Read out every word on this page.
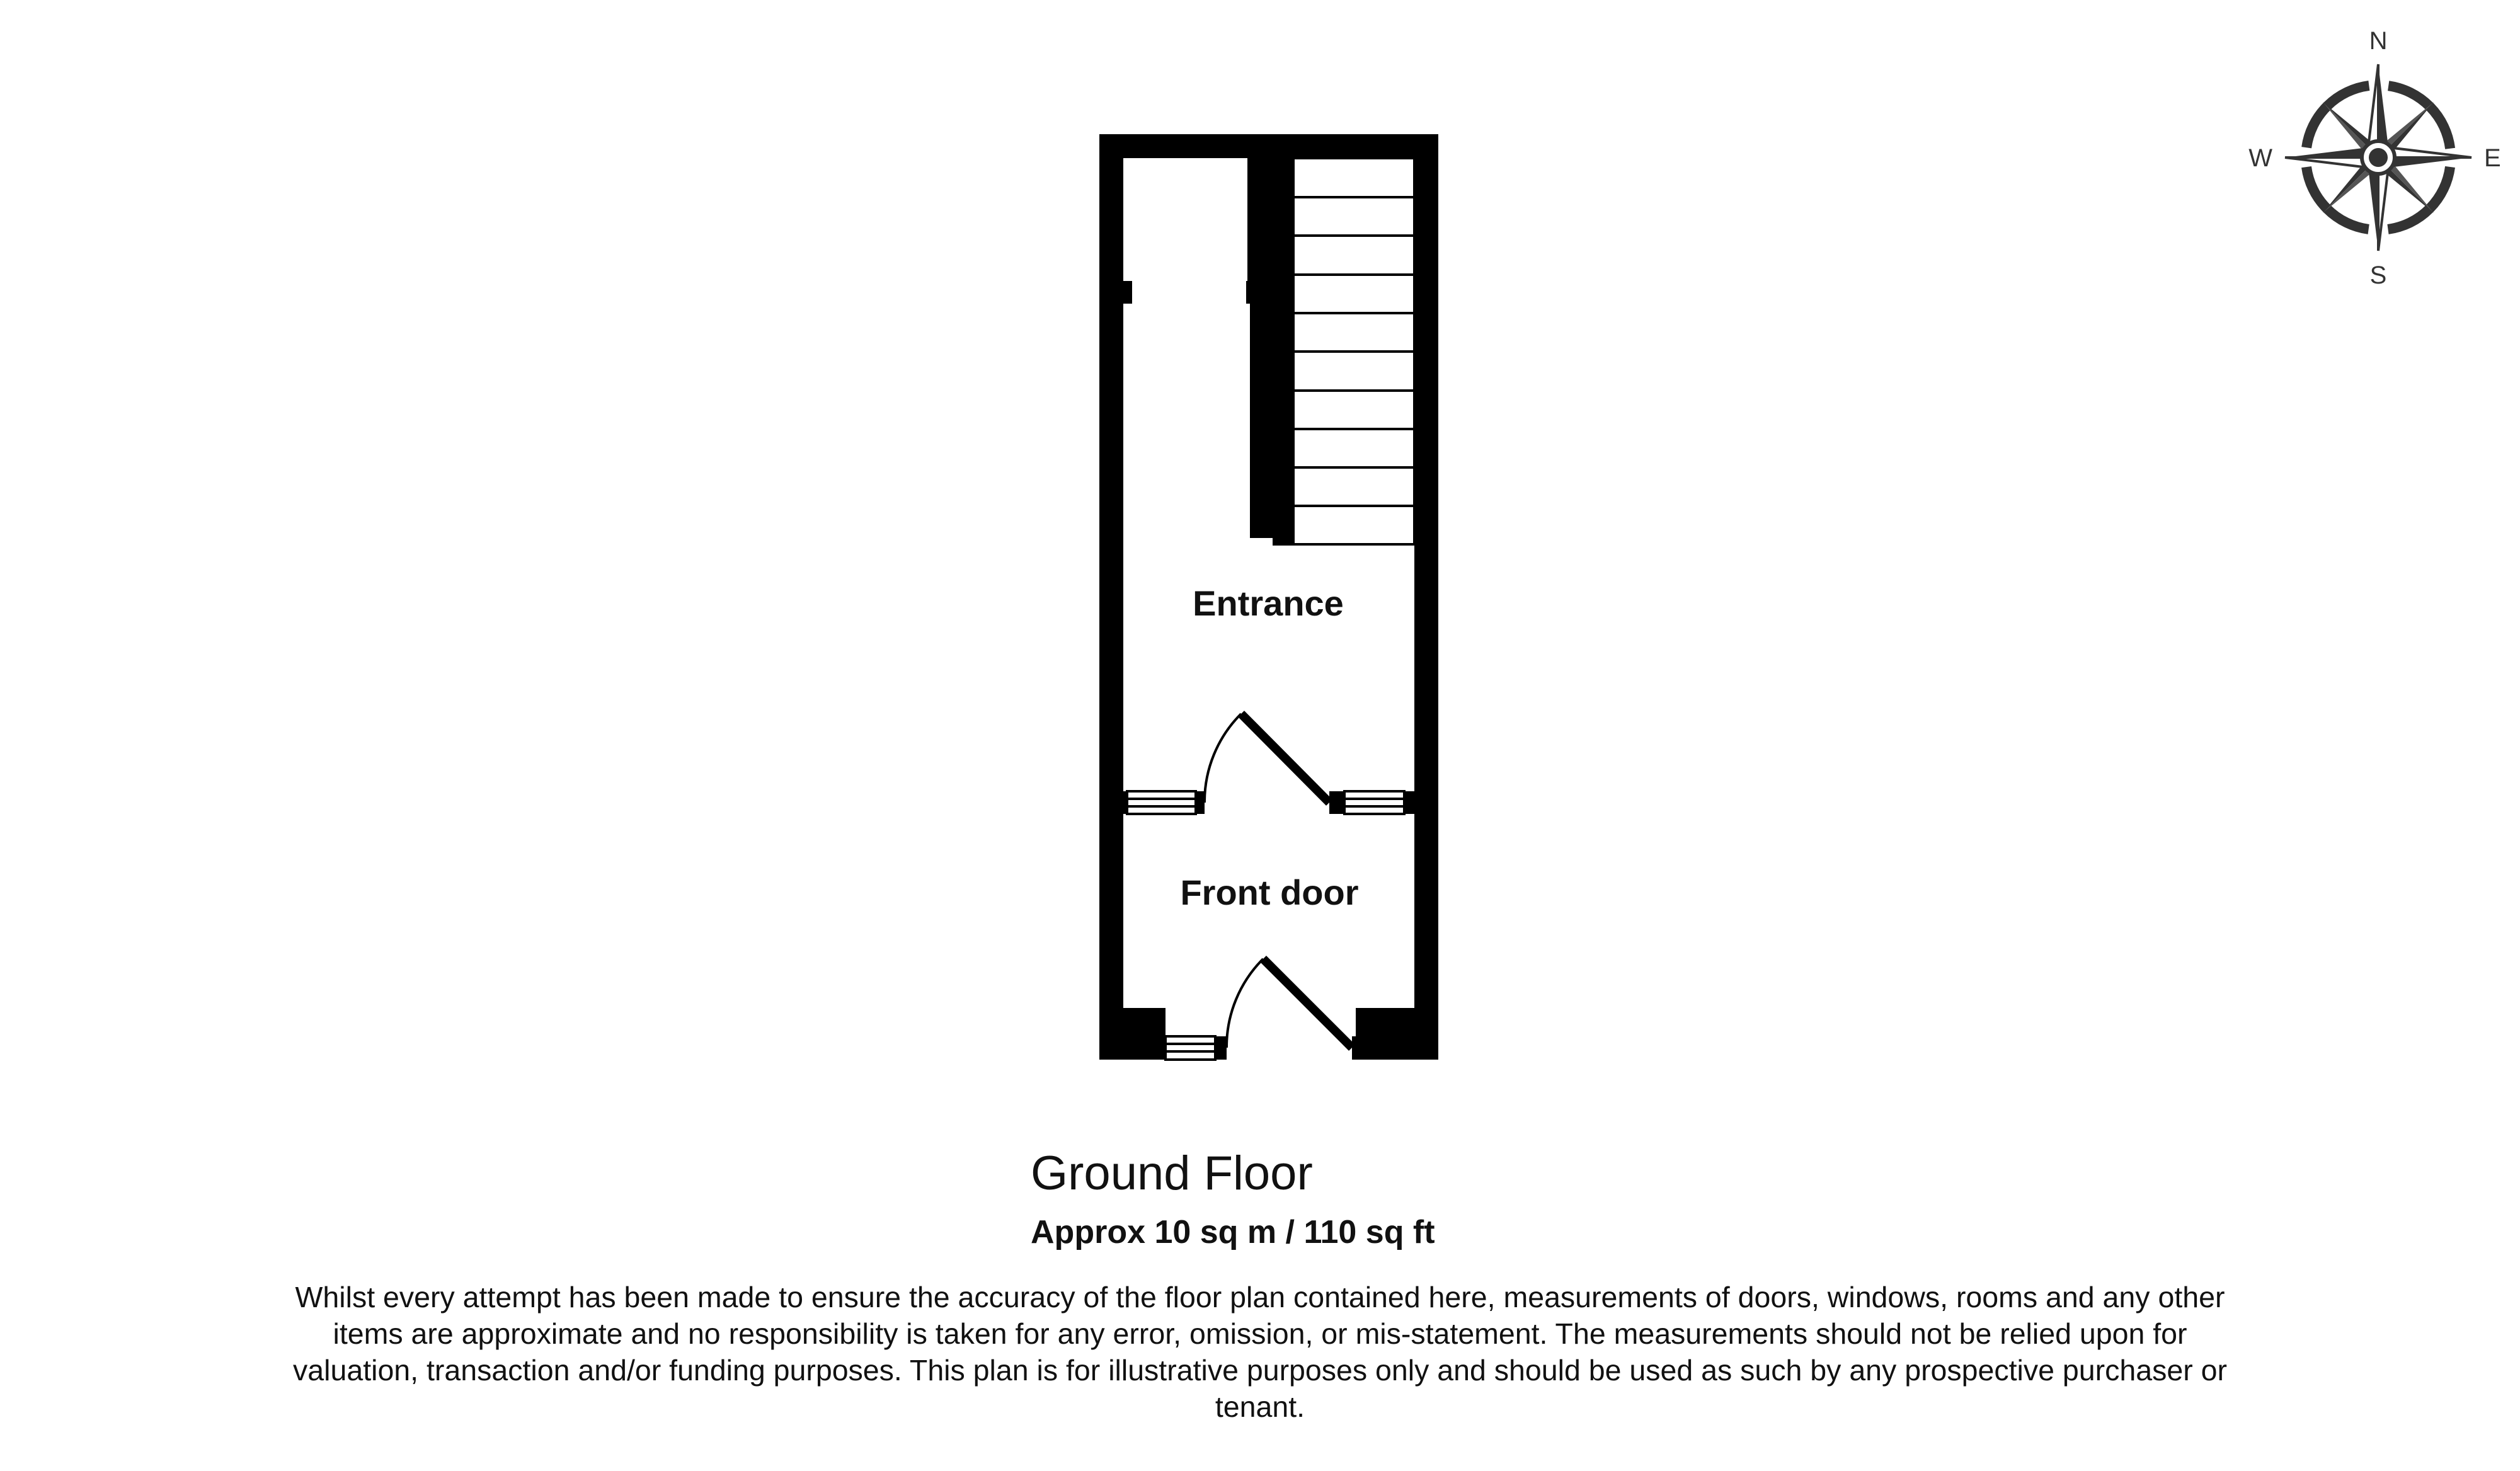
Entrance
Front door
N
S
E
W
Ground Floor
Approx 10 sq m / 110 sq ft
Whilst every attempt has been made to ensure the accuracy of the floor plan contained here, measurements of doors, windows, rooms and any other items are approximate and no responsibility is taken for any error, omission, or mis-statement. The measurements should not be relied upon for valuation, transaction and/or funding purposes. This plan is for illustrative purposes only and should be used as such by any prospective purchaser or tenant.
